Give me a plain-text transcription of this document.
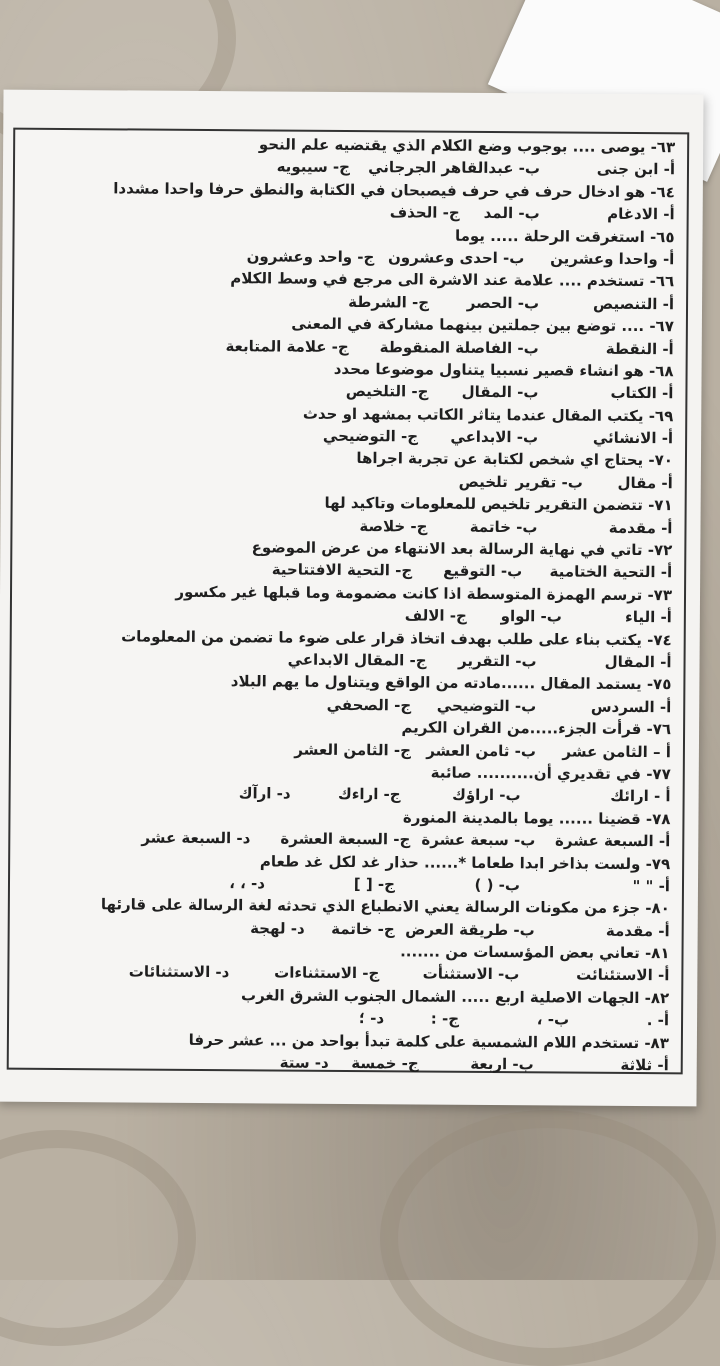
٦٣- يوصى .... بوجوب وضع الكلام الذي يقتضيه علم النحو
أ- ابن جنى
ب- عبدالقاهر الجرجاني
ج- سيبويه
٦٤- هو ادخال حرف في حرف فيصبحان في الكتابة والنطق حرفا واحدا مشددا
أ- الادغام
ب- المد
ج- الحذف
٦٥- استغرقت الرحلة ..... يوما
أ- واحدا وعشرين
ب- احدى وعشرون
ج- واحد وعشرون
٦٦- تستخدم .... علامة عند الاشرة الى مرجع في وسط الكلام
أ- التنصيص
ب- الحصر
ج- الشرطة
٦٧- .... توضع بين جملتين بينهما مشاركة في المعنى
أ- النقطة
ب- الفاصلة المنقوطة
ج- علامة المتابعة
٦٨- هو انشاء قصير نسبيا يتناول موضوعا محدد
أ- الكتاب
ب- المقال
ج- التلخيص
٦٩- يكتب المقال عندما يتاثر الكاتب بمشهد او حدث
أ- الانشائي
ب- الابداعي
ج- التوضيحي
٧٠- يحتاج اي شخص لكتابة عن تجربة اجراها
أ- مقال
ب- تقرير
تلخيص
٧١- تتضمن التقرير تلخيص للمعلومات وتاكيد لها
أ- مقدمة
ب- خاتمة
ج- خلاصة
٧٢- تاتي في نهاية الرسالة بعد الانتهاء من عرض الموضوع
أ- التحية الختامية
ب- التوقيع
ج- التحية الافتتاحية
٧٣- ترسم الهمزة المتوسطة اذا كانت مضمومة وما قبلها غير مكسور
أ- الياء
ب- الواو
ج- الالف
٧٤- يكتب بناء على طلب بهدف اتخاذ قرار على ضوء ما تضمن من المعلومات
أ- المقال
ب- التقرير
ج- المقال الابداعي
٧٥- يستمد المقال ......مادته من الواقع ويتناول ما يهم البلاد
أ- السردس
ب- التوضيحي
ج- الصحفي
٧٦- قرأت الجزء.....من القران الكريم
أ – الثامن عشر
ب- ثامن العشر
ج- الثامن العشر
٧٧- في تقديري أن.......... صائبة
أ - ارائك
ب- اراؤك
ج- اراءك
د- ارآك
٧٨- قضينا ...... يوما بالمدينة المنورة
أ- السبعة عشرة
ب- سبعة عشرة
ج- السبعة العشرة
د- السبعة عشر
٧٩- ولست بذاخر ابدا طعاما *...... حذار غد لكل غد طعام
أ- " "
ب- ( )
ج- [ ]
د- ، ،
٨٠- جزء من مكونات الرسالة يعني الانطباع الذي تحدثه لغة الرسالة على قارئها
أ- مقدمة
ب- طريقة العرض
ج- خاتمة
د- لهجة
٨١- تعاني بعض المؤسسات من .......
أ- الاستئنائت
ب- الاستثنأت
ج- الاستثناءات
د- الاستثنائات
٨٢- الجهات الاصلية اربع ..... الشمال الجنوب الشرق الغرب
أ- .
ب- ،
ج- :
د- ؛
٨٣- تستخدم اللام الشمسية على كلمة تبدأ بواحد من ... عشر حرفا
أ- ثلاثة
ب- اربعة
ج- خمسة
د- ستة
